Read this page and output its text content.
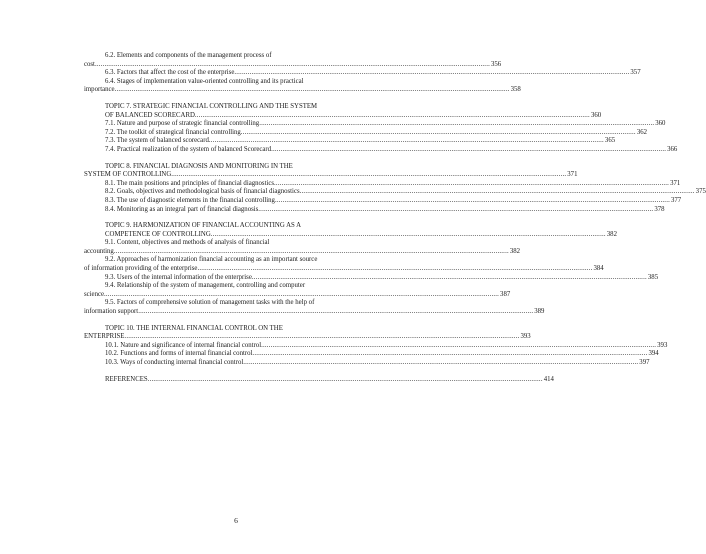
6.2. Elements and components of the management process of
cost .....	356
6.3. Factors that affect the cost of the enterprise .....	357
6.4. Stages of implementation value-oriented controlling and its practical
importance .....	358
TOPIC 7. STRATEGIC FINANCIAL CONTROLLING AND THE SYSTEM
OF BALANCED SCORECARD .....	360
7.1. Nature and purpose of strategic financial controlling .....	360
7.2. The toolkit of strategical financial controlling .....	362
7.3. The system of balanced scorecard .....	365
7.4. Practical realization of the system of balanced Scorecard .....	366
TOPIC 8. FINANCIAL DIAGNOSIS AND MONITORING IN THE
SYSTEM OF CONTROLLING .....	371
8.1. The main positions and principles of financial diagnostics .....	371
8.2. Goals, objectives and methodological basis of financial diagnostics .....	375
8.3. The use of diagnostic elements in the financial controlling .....	377
8.4. Monitoring as an integral part of financial diagnosis .....	378
TOPIC 9. HARMONIZATION OF FINANCIAL ACCOUNTING AS A
COMPETENCE OF CONTROLLING .....	382
9.1. Content, objectives and methods of analysis of financial
accounting .....	382
9.2. Approaches of harmonization financial accounting as an important source
of information providing of the enterprise .....	384
9.3. Users of the internal information of the enterprise .....	385
9.4. Relationship of the system of management, controlling and computer
science .....	387
9.5. Factors of comprehensive solution of management tasks with the help of
information support .....	389
TOPIC 10. THE INTERNAL FINANCIAL CONTROL ON THE
ENTERPRISE .....	393
10.1. Nature and significance of internal financial control .....	393
10.2. Functions and forms of internal financial control .....	394
10.3. Ways of conducting internal financial control .....	397
REFERENCES .....	414
6
